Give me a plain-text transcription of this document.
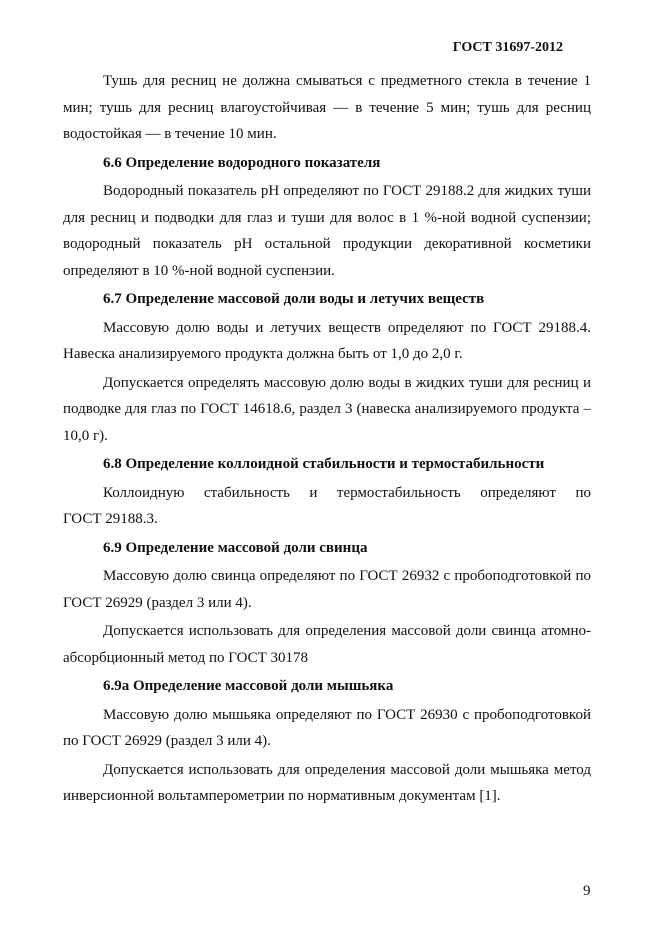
ГОСТ 31697-2012

Тушь для ресниц не должна смываться с предметного стекла в течение 1 мин; тушь для ресниц влагоустойчивая — в течение 5 мин; тушь для ресниц водостойкая — в течение 10 мин.

6.6 Определение водородного показателя

Водородный показатель pH определяют по ГОСТ 29188.2 для жидких туши для ресниц и подводки для глаз и туши для волос в 1 %-ной водной суспензии; водородный показатель pH остальной продукции декоративной косметики определяют в 10 %-ной водной суспензии.

6.7 Определение массовой доли воды и летучих веществ

Массовую долю воды и летучих веществ определяют по ГОСТ 29188.4. Навеска анализируемого продукта должна быть от 1,0 до 2,0 г.

Допускается определять массовую долю воды в жидких туши для ресниц и подводке для глаз по ГОСТ 14618.6, раздел 3 (навеска анализируемого продукта – 10,0 г).

6.8 Определение коллоидной стабильности и термостабильности

Коллоидную стабильность и термостабильность определяют по

ГОСТ 29188.3.

6.9 Определение массовой доли свинца

Массовую долю свинца определяют по ГОСТ 26932 с пробоподготовкой по ГОСТ 26929 (раздел 3 или 4).

Допускается использовать для определения массовой доли свинца атомно-абсорбционный метод по ГОСТ 30178

6.9а Определение массовой доли мышьяка

Массовую долю мышьяка определяют по ГОСТ 26930 с пробоподготовкой по ГОСТ 26929 (раздел 3 или 4).

Допускается использовать для определения массовой доли мышьяка метод инверсионной вольтамперометрии по нормативным документам [1].

9
